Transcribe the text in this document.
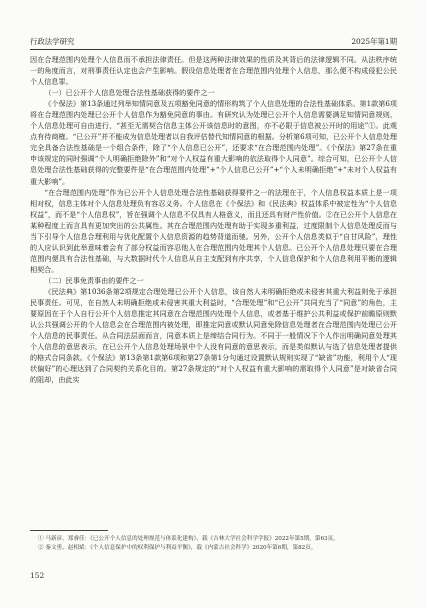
行政法学研究	2025年第1期

因在合理范围内处理个人信息而不承担法律责任。但是这两种法律效果的性质及其背后的法律逻辑不同。从法秩序统一的角度而言，对刑事责任认定也会产生影响。假设信息处理者在合理范围内处理个人信息，那么便不构成侵犯公民个人信息罪。

（一）已公开个人信息处理合法性基础获得的要件之一

《个保法》第13条通过列举知情同意及五项豁免同意的情形构筑了个人信息处理的合法性基础体系。第1款第6项将在合理范围内处理已公开个人信息作为豁免同意的事由。有研究认为处理已公开个人信息需要满足知情同意规则，个人信息处理可自由进行，“甚至无需契合信息主体公开该信息时的意图，亦不必限于信息被公开时的用途”①。此观点有待商榷。“已公开”并不能成为信息处理者以自我评估替代知情同意的根据。分析第6项可知，已公开个人信息处理完全具备合法性基础是一个组合条件，除了“个人信息已公开”，还要求“在合理范围内处理”。《个保法》第27条在重申该规定的同时强调“个人明确拒绝除外”和“对个人权益有重大影响的依法取得个人同意”。综合可知，已公开个人信息处理合法性基础获得的完整要件是“在合理范围内处理”+“个人信息已公开”+“个人未明确拒绝”+“未对个人权益有重大影响”。

“在合理范围内处理”作为已公开个人信息处理合法性基础获得要件之一的法理在于，个人信息权益本质上是一项相对权，信息主体对个人信息处理负有容忍义务。个人信息在《个保法》和《民法典》权益体系中被定性为“个人信息权益”，而不是“个人信息权”，旨在强调个人信息不仅具有人格意义，而且还具有财产性价值。②在已公开个人信息在某种程度上而言具有更加突出的公共属性。其在合理范围内处理有助于实现多重利益，过度限制个人信息处理反而与当下引导个人信息合理利用与优化配置个人信息资源的趋势背道而驰。另外，公开个人信息类似于“自甘风险”，理性的人应认识到此举意味着会有了部分权益而容忍他人在合理范围内处理其个人信息。已公开个人信息处理只要在合理范围内便具有合法性基础，与大数据时代个人信息从自主支配到有序共享，个人信息保护和个人信息利用平衡的逻辑相契合。

（二）民事免责事由的要件之一

《民法典》第1036条第2项规定合理处理已公开个人信息，该自然人未明确拒绝或未侵害其重大利益则免于承担民事责任。可见，在自然人未明确拒绝或未侵害其重大利益时，“合理处理”和“已公开”共同充当了“同意”的角色，主要原因在于个人自行公开个人信息推定其同意在合理范围内处理个人信息，或者基于维护公共利益或保护前瞻原则默认公共强调公开的个人信息会在合理范围内被处理，即推定同意或默认同意免除信息处理者在合理范围内处理已公开个人信息的民事责任。从合同法层面而言，同意本质上是缔结合同行为。不同于一般情况下个人作出明确同意处理其个人信息的意思表示，在已公开个人信息处理场景中个人没有同意的意思表示，而是类似默认与选了信息处理者提供的格式合同条款。《个保法》第13条第1款第6项和第27条第1分句通过设置默认规则实现了“缺省”功能，利用个人“现状偏好”的心理达到了合同契约关系化目的。第27条规定的“对个人权益有重大影响的需取得个人同意”是对缺省合同的阻却，由此实

① 马新彦、郑睿佳：《已公开个人信息的处理规范与体系化建构》，载《吉林大学社会科学学报》2022年第5期，第63页。
② 秦文勇、赵相斌：《个人信息保护中的权利保护与利益平衡》，载《内蒙古社会科学》2020年第6期，第82页。
152
